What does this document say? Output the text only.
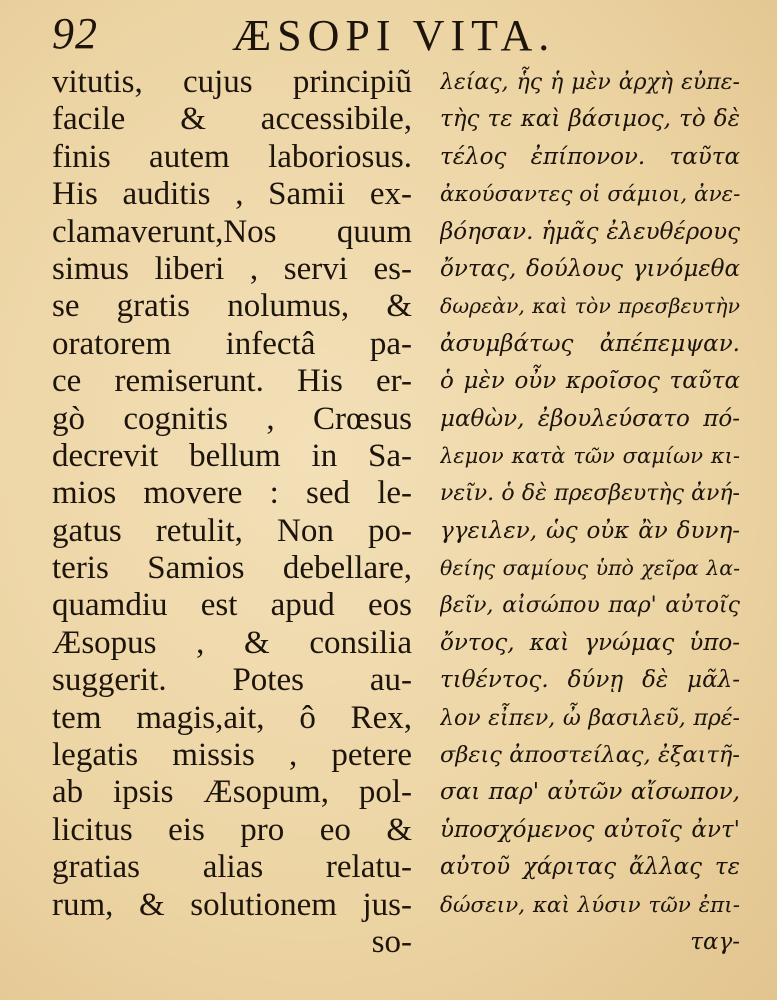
92	ÆSOPI VITA.
vitutis, cujus principiũ
facile & accessibile,
finis autem laboriosus.
His auditis , Samii ex-
clamaverunt,Nos quum
simus liberi , servi es-
se gratis nolumus, &
oratorem infectâ pa-
ce remiserunt. His er-
gò cognitis , Crœsus
decrevit bellum in Sa-
mios movere : sed le-
gatus retulit, Non po-
teris Samios debellare,
quamdiu est apud eos
Æsopus , & consilia
suggerit. Potes au-
tem magis,ait, ô Rex,
legatis missis , petere
ab ipsis Æsopum, pol-
licitus eis pro eo &
gratias alias relatu-
rum, & solutionem jus-
so-
λείας, ἧς ἡ μὲν ἀρχὴ εὐπε-
τὴς τε καὶ βάσιμος, τὸ δὲ
τέλος ἐπίπονον. ταῦτα
ἀκούσαντες οἱ σάμιοι, ἀνε-
βόησαν. ἡμᾶς ἐλευθέρους
ὄντας, δούλους γινόμεθα
δωρεὰν, καὶ τὸν πρεσβευτὴν
ἀσυμβάτως ἀπέπεμψαν.
ὁ μὲν οὖν κροῖσος ταῦτα
μαθὼν, ἐβουλεύσατο πό-
λεμον κατὰ τῶν σαμίων κι-
νεῖν. ὁ δὲ πρεσβευτὴς ἀνή-
γγειλεν, ὡς οὐκ ἂν δυνη-
θείης σαμίους ὑπὸ χεῖρα λα-
βεῖν, αἰσώπου παρ' αὐτοῖς
ὄντος, καὶ γνώμας ὑπο-
τιθέντος. δύνῃ δὲ μᾶλ-
λον εἶπεν, ὦ βασιλεῦ, πρέ-
σβεις ἀποστείλας, ἐξαιτῆ-
σαι παρ' αὐτῶν αἴσωπον,
ὑποσχόμενος αὐτοῖς ἀντ'
αὐτοῦ χάριτας ἄλλας τε
δώσειν, καὶ λύσιν τῶν ἐπι-
ταγ-
